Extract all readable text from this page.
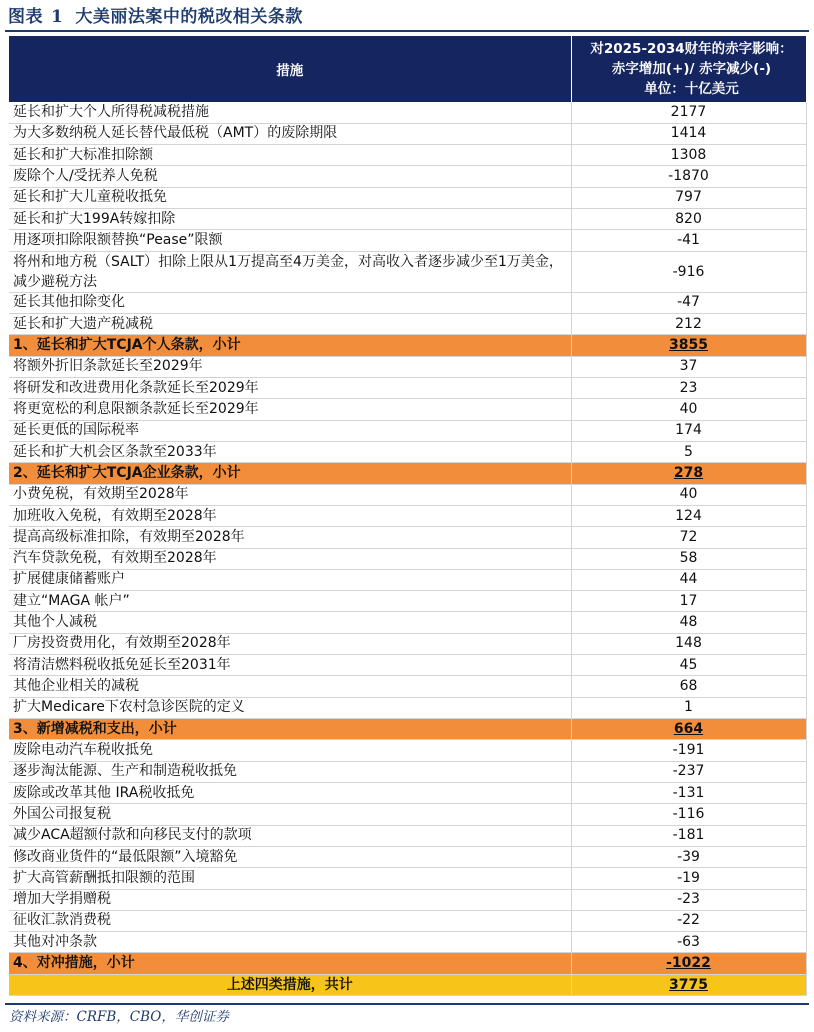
图表 1 大美丽法案中的税改相关条款
措施	对2025-2034财年的赤字影响：
赤字增加(+)/ 赤字减少(-)
单位：十亿美元

延长和扩大个人所得税减税措施	2177
为大多数纳税人延长替代最低税（AMT）的废除期限	1414
延长和扩大标准扣除额	1308
废除个人/受抚养人免税	-1870
延长和扩大儿童税收抵免	797
延长和扩大199A转嫁扣除	820
用逐项扣除限额替换“Pease”限额	-41
将州和地方税（SALT）扣除上限从1万提高至4万美金，对高收入者逐步减少至1万美金，减少避税方法	-916
延长其他扣除变化	-47
延长和扩大遗产税减税	212
1、延长和扩大TCJA个人条款，小计	3855
将额外折旧条款延长至2029年	37
将研发和改进费用化条款延长至2029年	23
将更宽松的利息限额条款延长至2029年	40
延长更低的国际税率	174
延长和扩大机会区条款至2033年	5
2、延长和扩大TCJA企业条款，小计	278
小费免税，有效期至2028年	40
加班收入免税，有效期至2028年	124
提高高级标准扣除，有效期至2028年	72
汽车贷款免税，有效期至2028年	58
扩展健康储蓄账户	44
建立“MAGA 帐户”	17
其他个人减税	48
厂房投资费用化，有效期至2028年	148
将清洁燃料税收抵免延长至2031年	45
其他企业相关的减税	68
扩大Medicare下农村急诊医院的定义	1
3、新增减税和支出，小计	664
废除电动汽车税收抵免	-191
逐步淘汰能源、生产和制造税收抵免	-237
废除或改革其他 IRA税收抵免	-131
外国公司报复税	-116
减少ACA超额付款和向移民支付的款项	-181
修改商业货件的“最低限额”入境豁免	-39
扩大高管薪酬抵扣限额的范围	-19
增加大学捐赠税	-23
征收汇款消费税	-22
其他对冲条款	-63
4、对冲措施，小计	-1022
上述四类措施，共计	3775
资料来源：CRFB，CBO，华创证券
